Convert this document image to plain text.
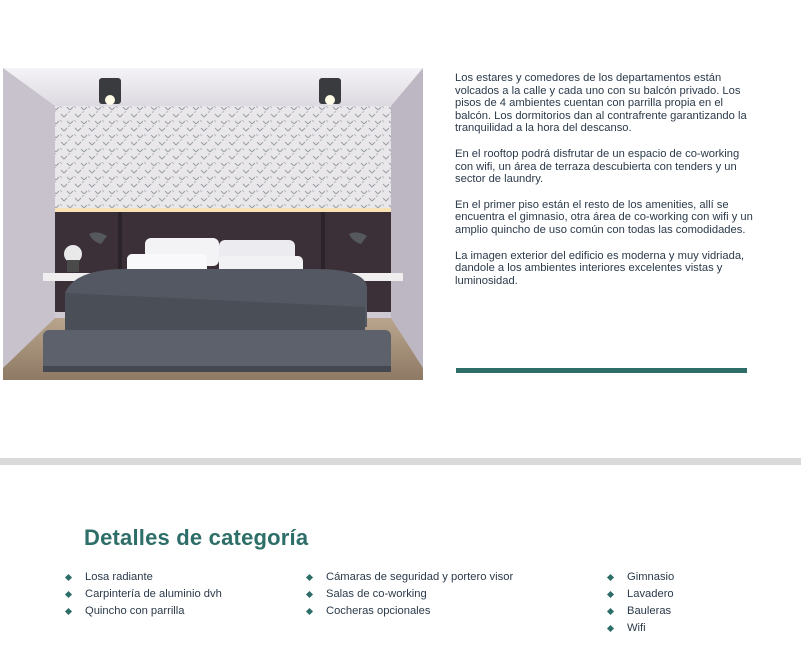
Los estares y comedores de los departamentos están volcados a la calle y cada uno con su balcón privado. Los pisos de 4 ambientes cuentan con parrilla propia en el balcón. Los dormitorios dan al contrafrente garantizando la tranquilidad a la hora del descanso.

En el rooftop podrá disfrutar de un espacio de co-working con wifi, un área de terraza descubierta con tenders y un sector de laundry.

En el primer piso están el resto de los amenities, allí se encuentra el gimnasio, otra área de co-working con wifi y un amplio quincho de uso común con todas las comodidades.

La imagen exterior del edificio es moderna y muy vidriada, dandole a los ambientes interiores excelentes vistas y luminosidad.

Detalles de categoría
Losa radiante
Carpintería de aluminio dvh
Quincho con parrilla
Cámaras de seguridad y portero visor
Salas de co-working
Cocheras opcionales
Gimnasio
Lavadero
Bauleras
Wifi
